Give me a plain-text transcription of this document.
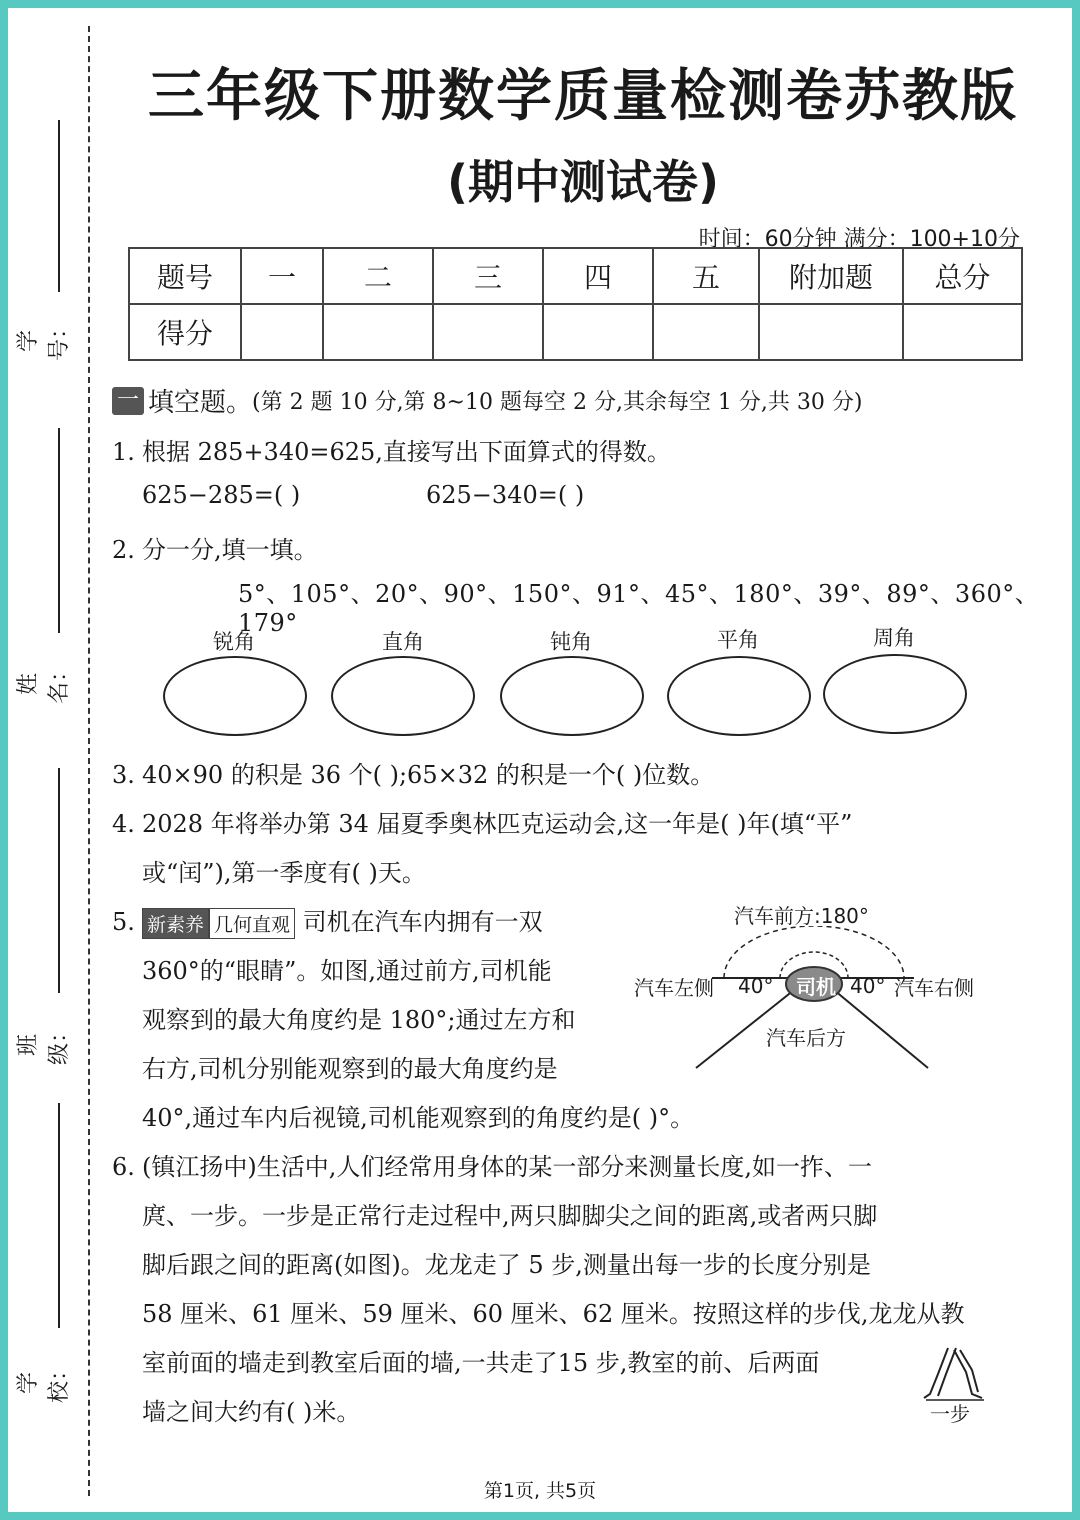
学号：
姓名：
班级：
学校：
三年级下册数学质量检测卷苏教版
(期中测试卷)
时间：60分钟 满分：100+10分
题号	一	二	三	四	五	附加题	总分
得分							
一 填空题。(第 2 题 10 分,第 8~10 题每空 2 分,其余每空 1 分,共 30 分)
1. 根据 285+340=625,直接写出下面算式的得数。
625−285=( )	625−340=( )
2. 分一分,填一填。
5°、105°、20°、90°、150°、91°、45°、180°、39°、89°、360°、179°
锐角	直角	钝角	平角	周角
3. 40×90 的积是 36 个( );65×32 的积是一个( )位数。
4. 2028 年将举办第 34 届夏季奥林匹克运动会,这一年是( )年(填“平”
或“闰”),第一季度有( )天。
5. 新素养 几何直观 司机在汽车内拥有一双
360°的“眼睛”。如图,通过前方,司机能
观察到的最大角度约是 180°;通过左方和
右方,司机分别能观察到的最大角度约是
40°,通过车内后视镜,司机能观察到的角度约是( )°。
汽车前方:180°
汽车左侧 40° 司机 40° 汽车右侧
汽车后方
6. (镇江扬中)生活中,人们经常用身体的某一部分来测量长度,如一拃、一
庹、一步。一步是正常行走过程中,两只脚脚尖之间的距离,或者两只脚
脚后跟之间的距离(如图)。龙龙走了 5 步,测量出每一步的长度分别是
58 厘米、61 厘米、59 厘米、60 厘米、62 厘米。按照这样的步伐,龙龙从教
室前面的墙走到教室后面的墙,一共走了15 步,教室的前、后两面
墙之间大约有( )米。	一步
第1页, 共5页
